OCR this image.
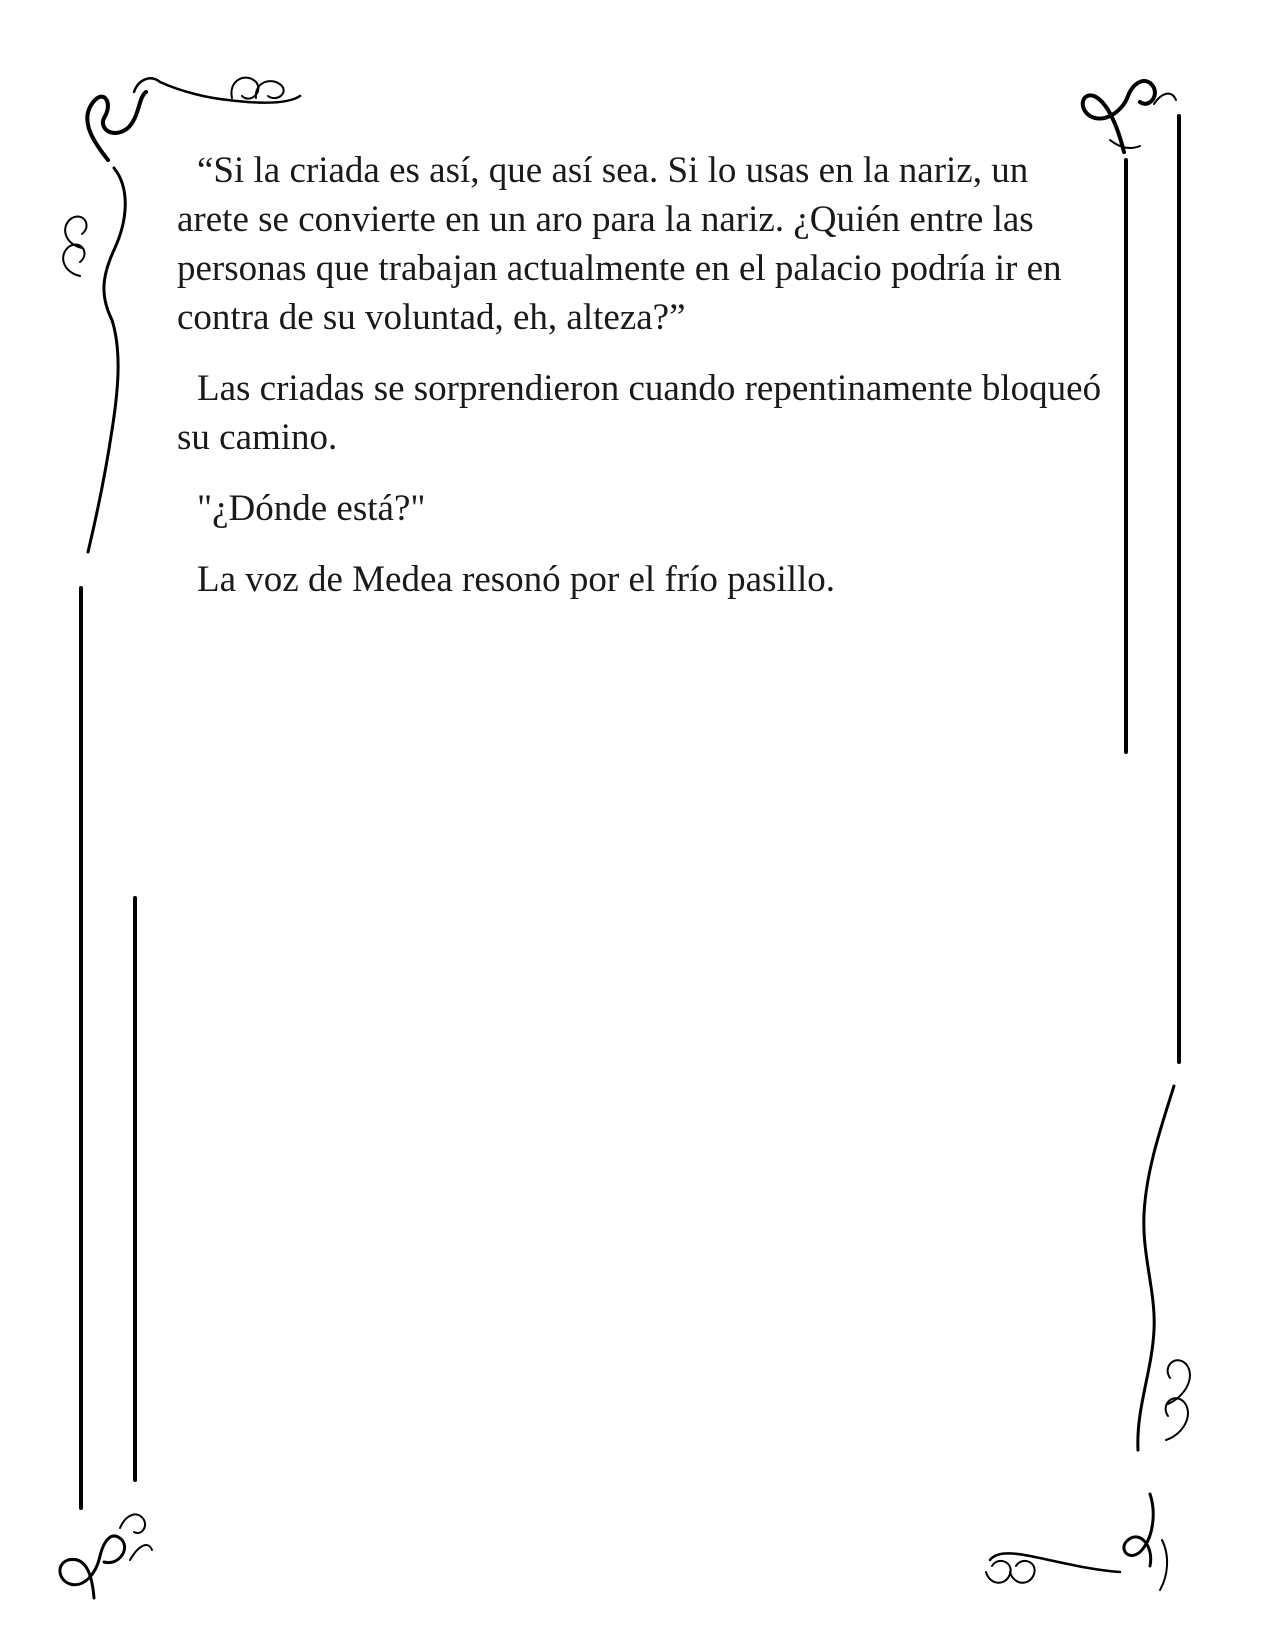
“Si la criada es así, que así sea. Si lo usas en la nariz, un arete se convierte en un aro para la nariz. ¿Quién entre las personas que trabajan actualmente en el palacio podría ir en contra de su voluntad, eh, alteza?”

Las criadas se sorprendieron cuando repentinamente bloqueó su camino.

"¿Dónde está?"

La voz de Medea resonó por el frío pasillo.
